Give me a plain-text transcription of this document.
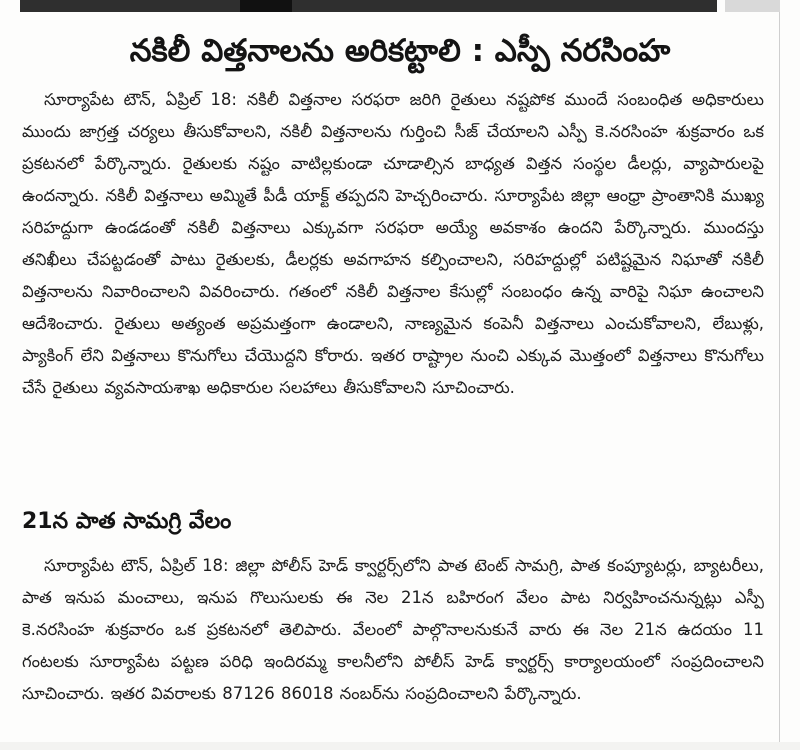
నకిలీ విత్తనాలను అరికట్టాలి : ఎస్పీ నరసింహ

సూర్యాపేట టౌన్, ఏప్రిల్ 18: నకిలీ విత్తనాల సరఫరా జరిగి రైతులు నష్టపోక ముందే సంబంధిత అధికారులు ముందు జాగ్రత్త చర్యలు తీసుకోవాలని, నకిలీ విత్తనాలను గుర్తించి సీజ్ చేయాలని ఎస్పీ కె.నరసింహ శుక్రవారం ఒక ప్రకటనలో పేర్కొన్నారు. రైతులకు నష్టం వాటిల్లకుండా చూడాల్సిన బాధ్యత విత్తన సంస్థల డీలర్లు, వ్యాపారులపై ఉందన్నారు. నకిలీ విత్తనాలు అమ్మితే పీడీ యాక్ట్ తప్పదని హెచ్చరించారు. సూర్యాపేట జిల్లా ఆంధ్రా ప్రాంతానికి ముఖ్య సరిహద్దుగా ఉండడంతో నకిలీ విత్తనాలు ఎక్కువగా సరఫరా అయ్యే అవకాశం ఉందని పేర్కొన్నారు. ముందస్తు తనిఖీలు చేపట్టడంతో పాటు రైతులకు, డీలర్లకు అవగాహన కల్పించాలని, సరిహద్దుల్లో పటిష్టమైన నిఘాతో నకిలీ విత్తనాలను నివారించాలని వివరించారు. గతంలో నకిలీ విత్తనాల కేసుల్లో సంబంధం ఉన్న వారిపై నిఘా ఉంచాలని ఆదేశించారు. రైతులు అత్యంత అప్రమత్తంగా ఉండాలని, నాణ్యమైన కంపెనీ విత్తనాలు ఎంచుకోవాలని, లేబుళ్లు, ప్యాకింగ్ లేని విత్తనాలు కొనుగోలు చేయొద్దని కోరారు. ఇతర రాష్ట్రాల నుంచి ఎక్కువ మొత్తంలో విత్తనాలు కొనుగోలు చేసే రైతులు వ్యవసాయశాఖ అధికారుల సలహాలు తీసుకోవాలని సూచించారు.

21న పాత సామగ్రి వేలం

సూర్యాపేట టౌన్, ఏప్రిల్ 18: జిల్లా పోలీస్ హెడ్ క్వార్టర్స్‌లోని పాత టెంట్ సామగ్రి, పాత కంప్యూటర్లు, బ్యాటరీలు, పాత ఇనుప మంచాలు, ఇనుప గొలుసులకు ఈ నెల 21న బహిరంగ వేలం పాట నిర్వహించనున్నట్లు ఎస్పీ కె.నరసింహ శుక్రవారం ఒక ప్రకటనలో తెలిపారు. వేలంలో పాల్గొనాలనుకునే వారు ఈ నెల 21న ఉదయం 11 గంటలకు సూర్యాపేట పట్టణ పరిధి ఇందిరమ్మ కాలనీలోని పోలీస్ హెడ్ క్వార్టర్స్ కార్యాలయంలో సంప్రదించాలని సూచించారు. ఇతర వివరాలకు 87126 86018 నంబర్‌ను సంప్రదించాలని పేర్కొన్నారు.
